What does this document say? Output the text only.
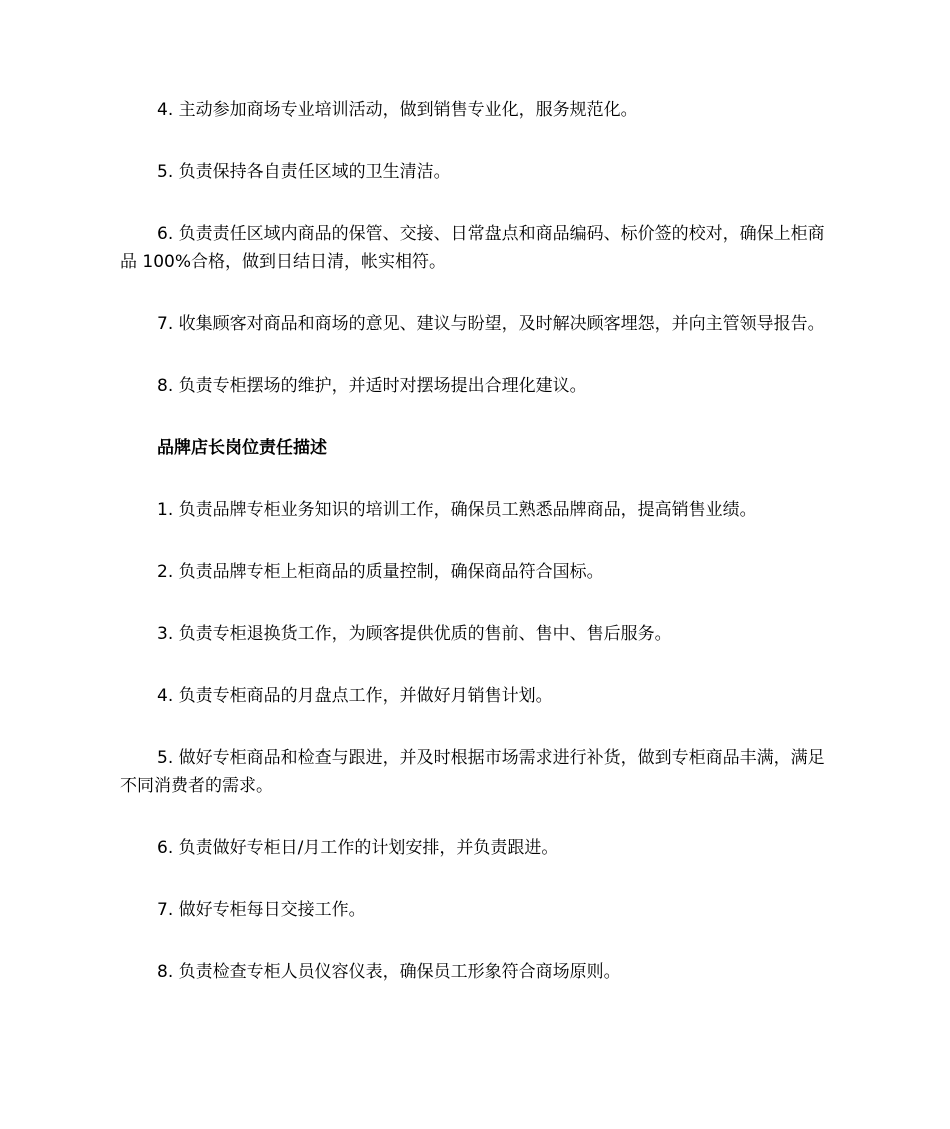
4. 主动参加商场专业培训活动，做到销售专业化，服务规范化。

5. 负责保持各自责任区域的卫生清洁。

6. 负责责任区域内商品的保管、交接、日常盘点和商品编码、标价签的校对，确保上柜商品 100%合格，做到日结日清，帐实相符。

7. 收集顾客对商品和商场的意见、建议与盼望，及时解决顾客埋怨，并向主管领导报告。

8. 负责专柜摆场的维护，并适时对摆场提出合理化建议。

品牌店长岗位责任描述

1. 负责品牌专柜业务知识的培训工作，确保员工熟悉品牌商品，提高销售业绩。

2. 负责品牌专柜上柜商品的质量控制，确保商品符合国标。

3. 负责专柜退换货工作，为顾客提供优质的售前、售中、售后服务。

4. 负责专柜商品的月盘点工作，并做好月销售计划。

5. 做好专柜商品和检查与跟进，并及时根据市场需求进行补货，做到专柜商品丰满，满足不同消费者的需求。

6. 负责做好专柜日/月工作的计划安排，并负责跟进。

7. 做好专柜每日交接工作。

8. 负责检查专柜人员仪容仪表，确保员工形象符合商场原则。
